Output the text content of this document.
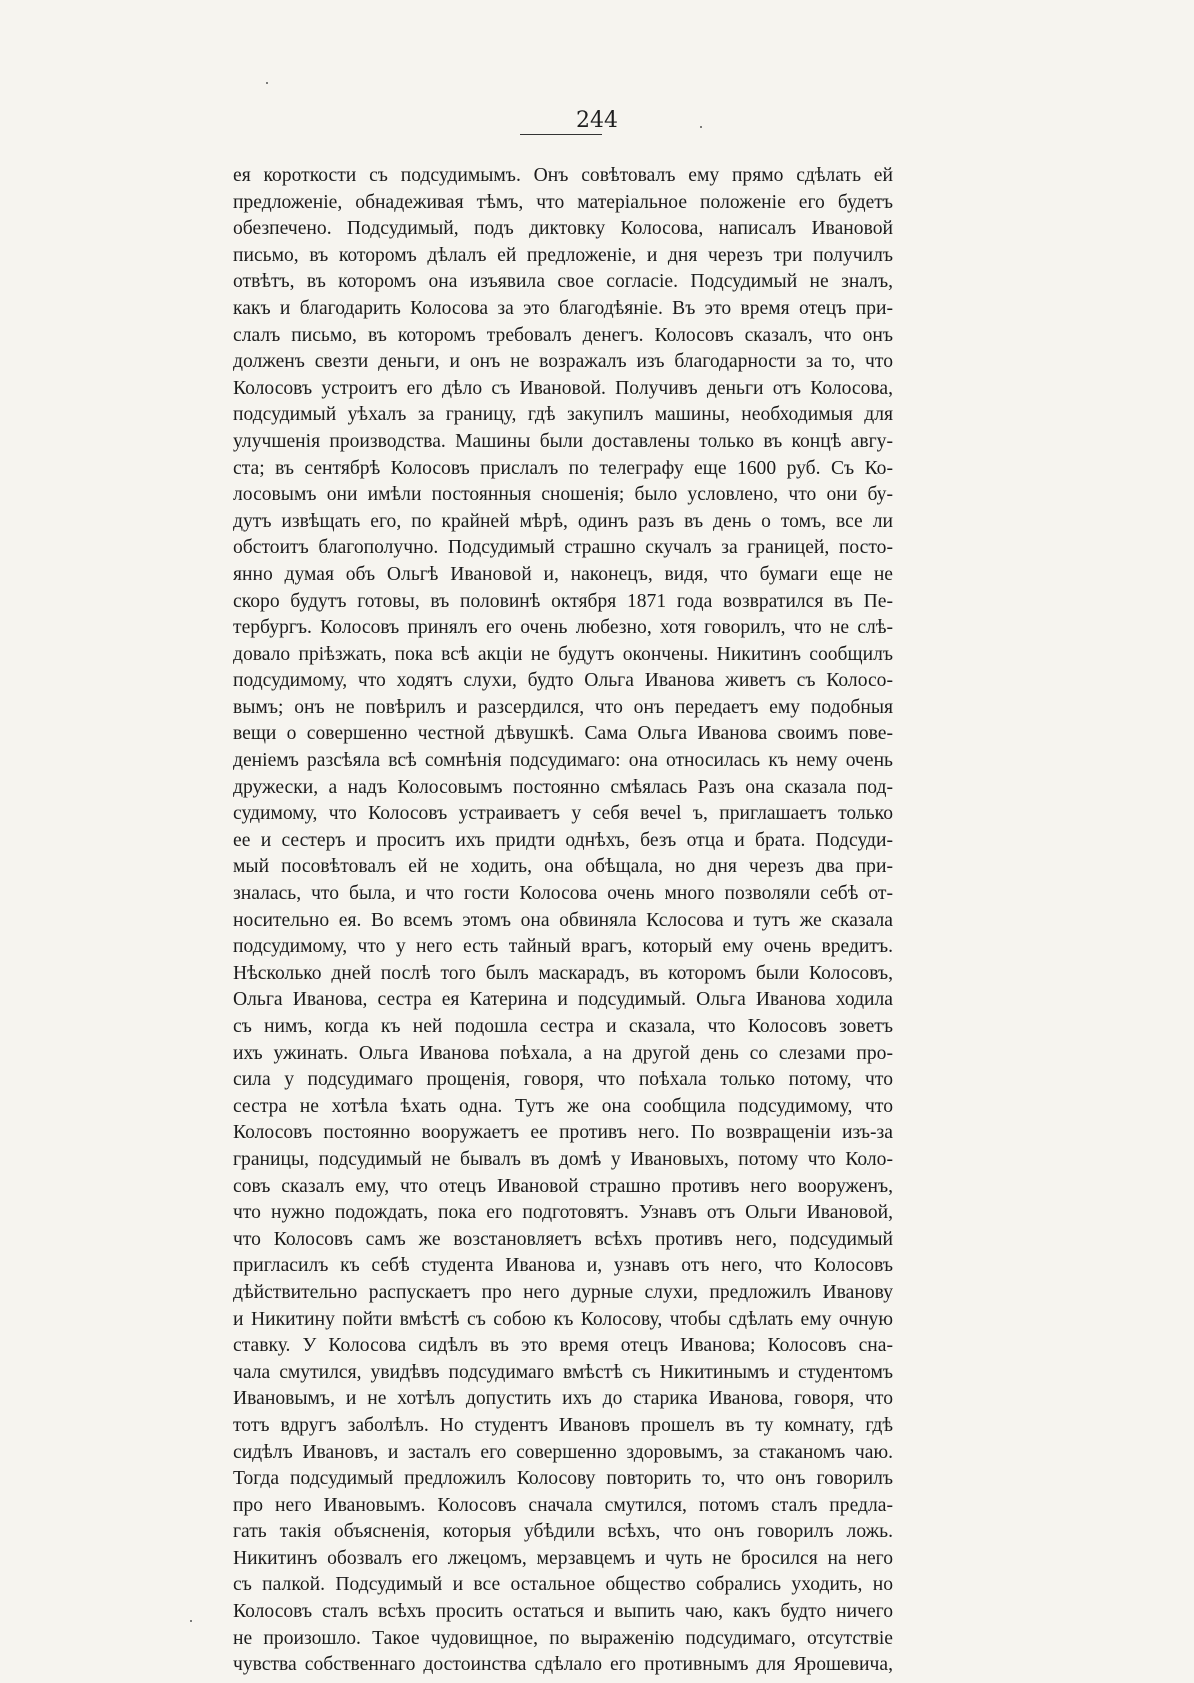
244
ея короткости съ подсудимымъ. Онъ совѣтовалъ ему прямо сдѣлать ей
предложеніе, обнадеживая тѣмъ, что матеріальное положеніе его будетъ
обезпечено. Подсудимый, подъ диктовку Колосова, написалъ Ивановой
письмо, въ которомъ дѣлалъ ей предложеніе, и дня черезъ три получилъ
отвѣтъ, въ которомъ она изъявила свое согласіе. Подсудимый не зналъ,
какъ и благодарить Колосова за это благодѣяніе. Въ это время отецъ при-
слалъ письмо, въ которомъ требовалъ денегъ. Колосовъ сказалъ, что онъ
долженъ свезти деньги, и онъ не возражалъ изъ благодарности за то, что
Колосовъ устроитъ его дѣло съ Ивановой. Получивъ деньги отъ Колосова,
подсудимый уѣхалъ за границу, гдѣ закупилъ машины, необходимыя для
улучшенія производства. Машины были доставлены только въ концѣ авгу-
ста; въ сентябрѣ Колосовъ прислалъ по телеграфу еще 1600 руб. Съ Ко-
лосовымъ они имѣли постоянныя сношенія; было условлено, что они бу-
дутъ извѣщать его, по крайней мѣрѣ, одинъ разъ въ день о томъ, все ли
обстоитъ благополучно. Подсудимый страшно скучалъ за границей, посто-
янно думая объ Ольгѣ Ивановой и, наконецъ, видя, что бумаги еще не
скоро будутъ готовы, въ половинѣ октября 1871 года возвратился въ Пе-
тербургъ. Колосовъ принялъ его очень любезно, хотя говорилъ, что не слѣ-
довало пріѣзжать, пока всѣ акціи не будутъ окончены. Никитинъ сообщилъ
подсудимому, что ходятъ слухи, будто Ольга Иванова живетъ съ Колосо-
вымъ; онъ не повѣрилъ и разсердился, что онъ передаетъ ему подобныя
вещи о совершенно честной дѣвушкѣ. Сама Ольга Иванова своимъ пове-
деніемъ разсѣяла всѣ сомнѣнія подсудимаго: она относилась къ нему очень
дружески, а надъ Колосовымъ постоянно смѣялась Разъ она сказала под-
судимому, что Колосовъ устраиваетъ у себя вечеl ъ, приглашаетъ только
ее и сестеръ и проситъ ихъ придти однѣхъ, безъ отца и брата. Подсуди-
мый посовѣтовалъ ей не ходить, она обѣщала, но дня черезъ два при-
зналась, что была, и что гости Колосова очень много позволяли себѣ от-
носительно ея. Во всемъ этомъ она обвиняла Кслосова и тутъ же сказала
подсудимому, что у него есть тайный врагъ, который ему очень вредитъ.
Нѣсколько дней послѣ того былъ маскарадъ, въ которомъ были Колосовъ,
Ольга Иванова, сестра ея Катерина и подсудимый. Ольга Иванова ходила
съ нимъ, когда къ ней подошла сестра и сказала, что Колосовъ зоветъ
ихъ ужинать. Ольга Иванова поѣхала, а на другой день со слезами про-
сила у подсудимаго прощенія, говоря, что поѣхала только потому, что
сестра не хотѣла ѣхать одна. Тутъ же она сообщила подсудимому, что
Колосовъ постоянно вооружаетъ ее противъ него. По возвращеніи изъ-за
границы, подсудимый не бывалъ въ домѣ у Ивановыхъ, потому что Коло-
совъ сказалъ ему, что отецъ Ивановой страшно противъ него вооруженъ,
что нужно подождать, пока его подготовятъ. Узнавъ отъ Ольги Ивановой,
что Колосовъ самъ же возстановляетъ всѣхъ противъ него, подсудимый
пригласилъ къ себѣ студента Иванова и, узнавъ отъ него, что Колосовъ
дѣйствительно распускаетъ про него дурные слухи, предложилъ Иванову
и Никитину пойти вмѣстѣ съ собою къ Колосову, чтобы сдѣлать ему очную
ставку. У Колосова сидѣлъ въ это время отецъ Иванова; Колосовъ сна-
чала смутился, увидѣвъ подсудимаго вмѣстѣ съ Никитинымъ и студентомъ
Ивановымъ, и не хотѣлъ допустить ихъ до старика Иванова, говоря, что
тотъ вдругъ заболѣлъ. Но студентъ Ивановъ прошелъ въ ту комнату, гдѣ
сидѣлъ Ивановъ, и засталъ его совершенно здоровымъ, за стаканомъ чаю.
Тогда подсудимый предложилъ Колосову повторить то, что онъ говорилъ
про него Ивановымъ. Колосовъ сначала смутился, потомъ сталъ предла-
гать такія объясненія, которыя убѣдили всѣхъ, что онъ говорилъ ложь.
Никитинъ обозвалъ его лжецомъ, мерзавцемъ и чуть не бросился на него
съ палкой. Подсудимый и все остальное общество собрались уходить, но
Колосовъ сталъ всѣхъ просить остаться и выпить чаю, какъ будто ничего
не произошло. Такое чудовищное, по выраженію подсудимаго, отсутствіе
чувства собственнаго достоинства сдѣлало его противнымъ для Ярошевича,
